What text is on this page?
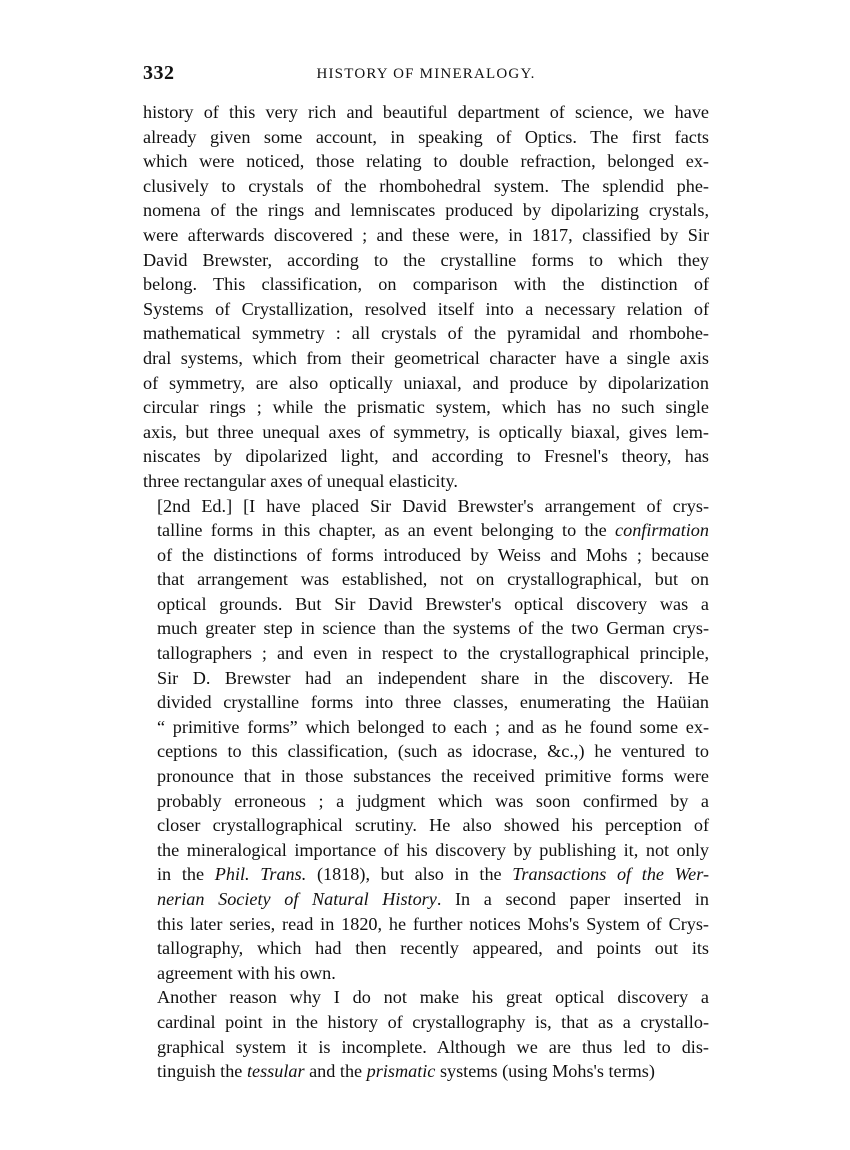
332	HISTORY OF MINERALOGY.

history of this very rich and beautiful department of science, we have
already given some account, in speaking of Optics. The first facts
which were noticed, those relating to double refraction, belonged ex-
clusively to crystals of the rhombohedral system. The splendid phe-
nomena of the rings and lemniscates produced by dipolarizing crystals,
were afterwards discovered ; and these were, in 1817, classified by Sir
David Brewster, according to the crystalline forms to which they
belong. This classification, on comparison with the distinction of
Systems of Crystallization, resolved itself into a necessary relation of
mathematical symmetry : all crystals of the pyramidal and rhombohe-
dral systems, which from their geometrical character have a single axis
of symmetry, are also optically uniaxal, and produce by dipolarization
circular rings ; while the prismatic system, which has no such single
axis, but three unequal axes of symmetry, is optically biaxal, gives lem-
niscates by dipolarized light, and according to Fresnel's theory, has
three rectangular axes of unequal elasticity.

[2nd Ed.] [I have placed Sir David Brewster's arrangement of crys-
talline forms in this chapter, as an event belonging to the confirmation
of the distinctions of forms introduced by Weiss and Mohs ; because
that arrangement was established, not on crystallographical, but on
optical grounds. But Sir David Brewster's optical discovery was a
much greater step in science than the systems of the two German crys-
tallographers ; and even in respect to the crystallographical principle,
Sir D. Brewster had an independent share in the discovery. He
divided crystalline forms into three classes, enumerating the Haüian
“ primitive forms” which belonged to each ; and as he found some ex-
ceptions to this classification, (such as idocrase, &c.,) he ventured to
pronounce that in those substances the received primitive forms were
probably erroneous ; a judgment which was soon confirmed by a
closer crystallographical scrutiny. He also showed his perception of
the mineralogical importance of his discovery by publishing it, not only
in the Phil. Trans. (1818), but also in the Transactions of the Wer-
nerian Society of Natural History. In a second paper inserted in
this later series, read in 1820, he further notices Mohs's System of Crys-
tallography, which had then recently appeared, and points out its
agreement with his own.

Another reason why I do not make his great optical discovery a
cardinal point in the history of crystallography is, that as a crystallo-
graphical system it is incomplete. Although we are thus led to dis-
tinguish the tessular and the prismatic systems (using Mohs's terms)
